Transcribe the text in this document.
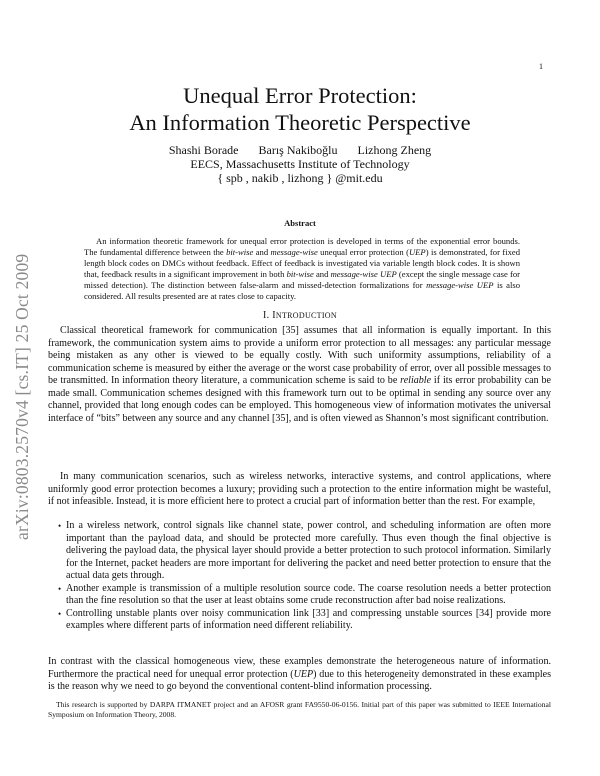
1
arXiv:0803.2570v4 [cs.IT] 25 Oct 2009
Unequal Error Protection:
An Information Theoretic Perspective
Shashi Borade Barış Nakiboğlu Lizhong Zheng
EECS, Massachusetts Institute of Technology
{ spb , nakib , lizhong } @mit.edu
Abstract
An information theoretic framework for unequal error protection is developed in terms of the exponential error bounds. The fundamental difference between the bit-wise and message-wise unequal error protection (UEP) is demonstrated, for fixed length block codes on DMCs without feedback. Effect of feedback is investigated via variable length block codes. It is shown that, feedback results in a significant improvement in both bit-wise and message-wise UEP (except the single message case for missed detection). The distinction between false-alarm and missed-detection formalizations for message-wise UEP is also considered. All results presented are at rates close to capacity.
I. INTRODUCTION
Classical theoretical framework for communication [35] assumes that all information is equally important. In this framework, the communication system aims to provide a uniform error protection to all messages: any particular message being mistaken as any other is viewed to be equally costly. With such uniformity assumptions, reliability of a communication scheme is measured by either the average or the worst case probability of error, over all possible messages to be transmitted. In information theory literature, a communication scheme is said to be reliable if its error probability can be made small. Communication schemes designed with this framework turn out to be optimal in sending any source over any channel, provided that long enough codes can be employed. This homogeneous view of information motivates the universal interface of “bits” between any source and any channel [35], and is often viewed as Shannon’s most significant contribution.
In many communication scenarios, such as wireless networks, interactive systems, and control applications, where uniformly good error protection becomes a luxury; providing such a protection to the entire information might be wasteful, if not infeasible. Instead, it is more efficient here to protect a crucial part of information better than the rest. For example,
• In a wireless network, control signals like channel state, power control, and scheduling information are often more important than the payload data, and should be protected more carefully. Thus even though the final objective is delivering the payload data, the physical layer should provide a better protection to such protocol information. Similarly for the Internet, packet headers are more important for delivering the packet and need better protection to ensure that the actual data gets through.
• Another example is transmission of a multiple resolution source code. The coarse resolution needs a better protection than the fine resolution so that the user at least obtains some crude reconstruction after bad noise realizations.
• Controlling unstable plants over noisy communication link [33] and compressing unstable sources [34] provide more examples where different parts of information need different reliability.
In contrast with the classical homogeneous view, these examples demonstrate the heterogeneous nature of information. Furthermore the practical need for unequal error protection (UEP) due to this heterogeneity demonstrated in these examples is the reason why we need to go beyond the conventional content-blind information processing.
This research is supported by DARPA ITMANET project and an AFOSR grant FA9550-06-0156. Initial part of this paper was submitted to IEEE International Symposium on Information Theory, 2008.
